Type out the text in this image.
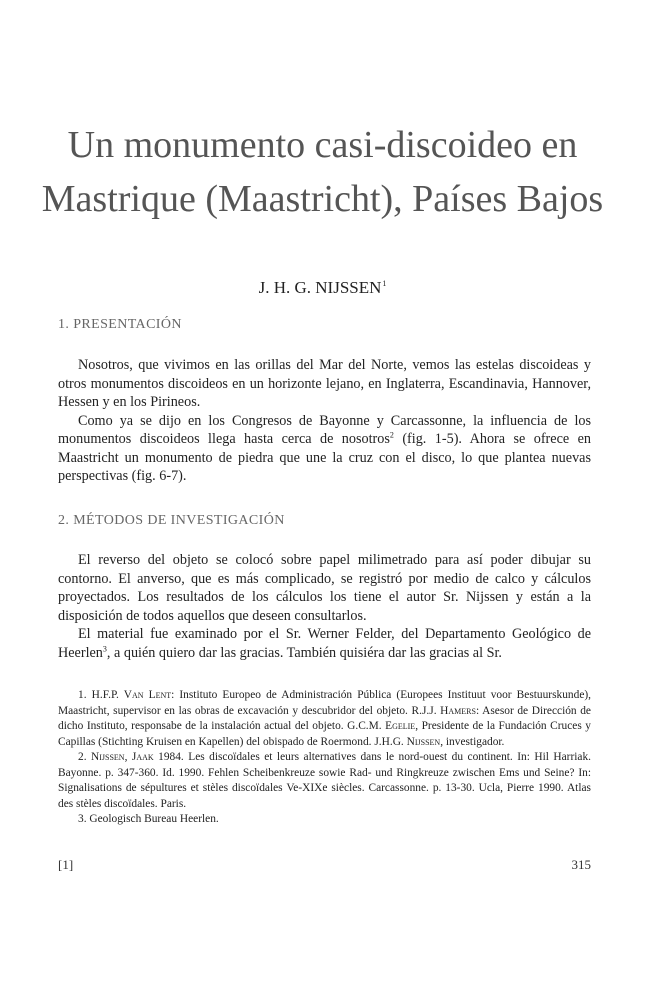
Un monumento casi-discoideo en
Mastrique (Maastricht), Países Bajos
J. H. G. NIJSSEN$^1$
1. PRESENTACIÓN

Nosotros, que vivimos en las orillas del Mar del Norte, vemos las estelas discoideas y otros monumentos discoideos en un horizonte lejano, en Inglaterra, Escandinavia, Hannover, Hessen y en los Pirineos.

Como ya se dijo en los Congresos de Bayonne y Carcassonne, la influencia de los monumentos discoideos llega hasta cerca de nosotros$^2$ (fig. 1-5). Ahora se ofrece en Maastricht un monumento de piedra que une la cruz con el disco, lo que plantea nuevas perspectivas (fig. 6-7).

2. MÉTODOS DE INVESTIGACIÓN

El reverso del objeto se colocó sobre papel milimetrado para así poder dibujar su contorno. El anverso, que es más complicado, se registró por medio de calco y cálculos proyectados. Los resultados de los cálculos los tiene el autor Sr. Nijssen y están a la disposición de todos aquellos que deseen consultarlos.

El material fue examinado por el Sr. Werner Felder, del Departamento Geológico de Heerlen$^3$, a quién quiero dar las gracias. También quisiéra dar las gracias al Sr.

1. H.F.P. Van Lent: Instituto Europeo de Administración Pública (Europees Instituut voor Bestuurskunde), Maastricht, supervisor en las obras de excavación y descubridor del objeto. R.J.J. Hamers: Asesor de Dirección de dicho Instituto, responsabe de la instalación actual del objeto. G.C.M. Egelie, Presidente de la Fundación Cruces y Capillas (Stichting Kruisen en Kapellen) del obispado de Roermond. J.H.G. Nijssen, investigador.

2. Nijssen, Jaak 1984. Les discoïdales et leurs alternatives dans le nord-ouest du continent. In: Hil Harriak. Bayonne. p. 347-360. Id. 1990. Fehlen Scheibenkreuze sowie Rad- und Ringkreuze zwischen Ems und Seine? In: Signalisations de sépultures et stèles discoïdales Ve-XIXe siècles. Carcassonne. p. 13-30. Ucla, Pierre 1990. Atlas des stèles discoïdales. Paris.

3. Geologisch Bureau Heerlen.

[1]	315
